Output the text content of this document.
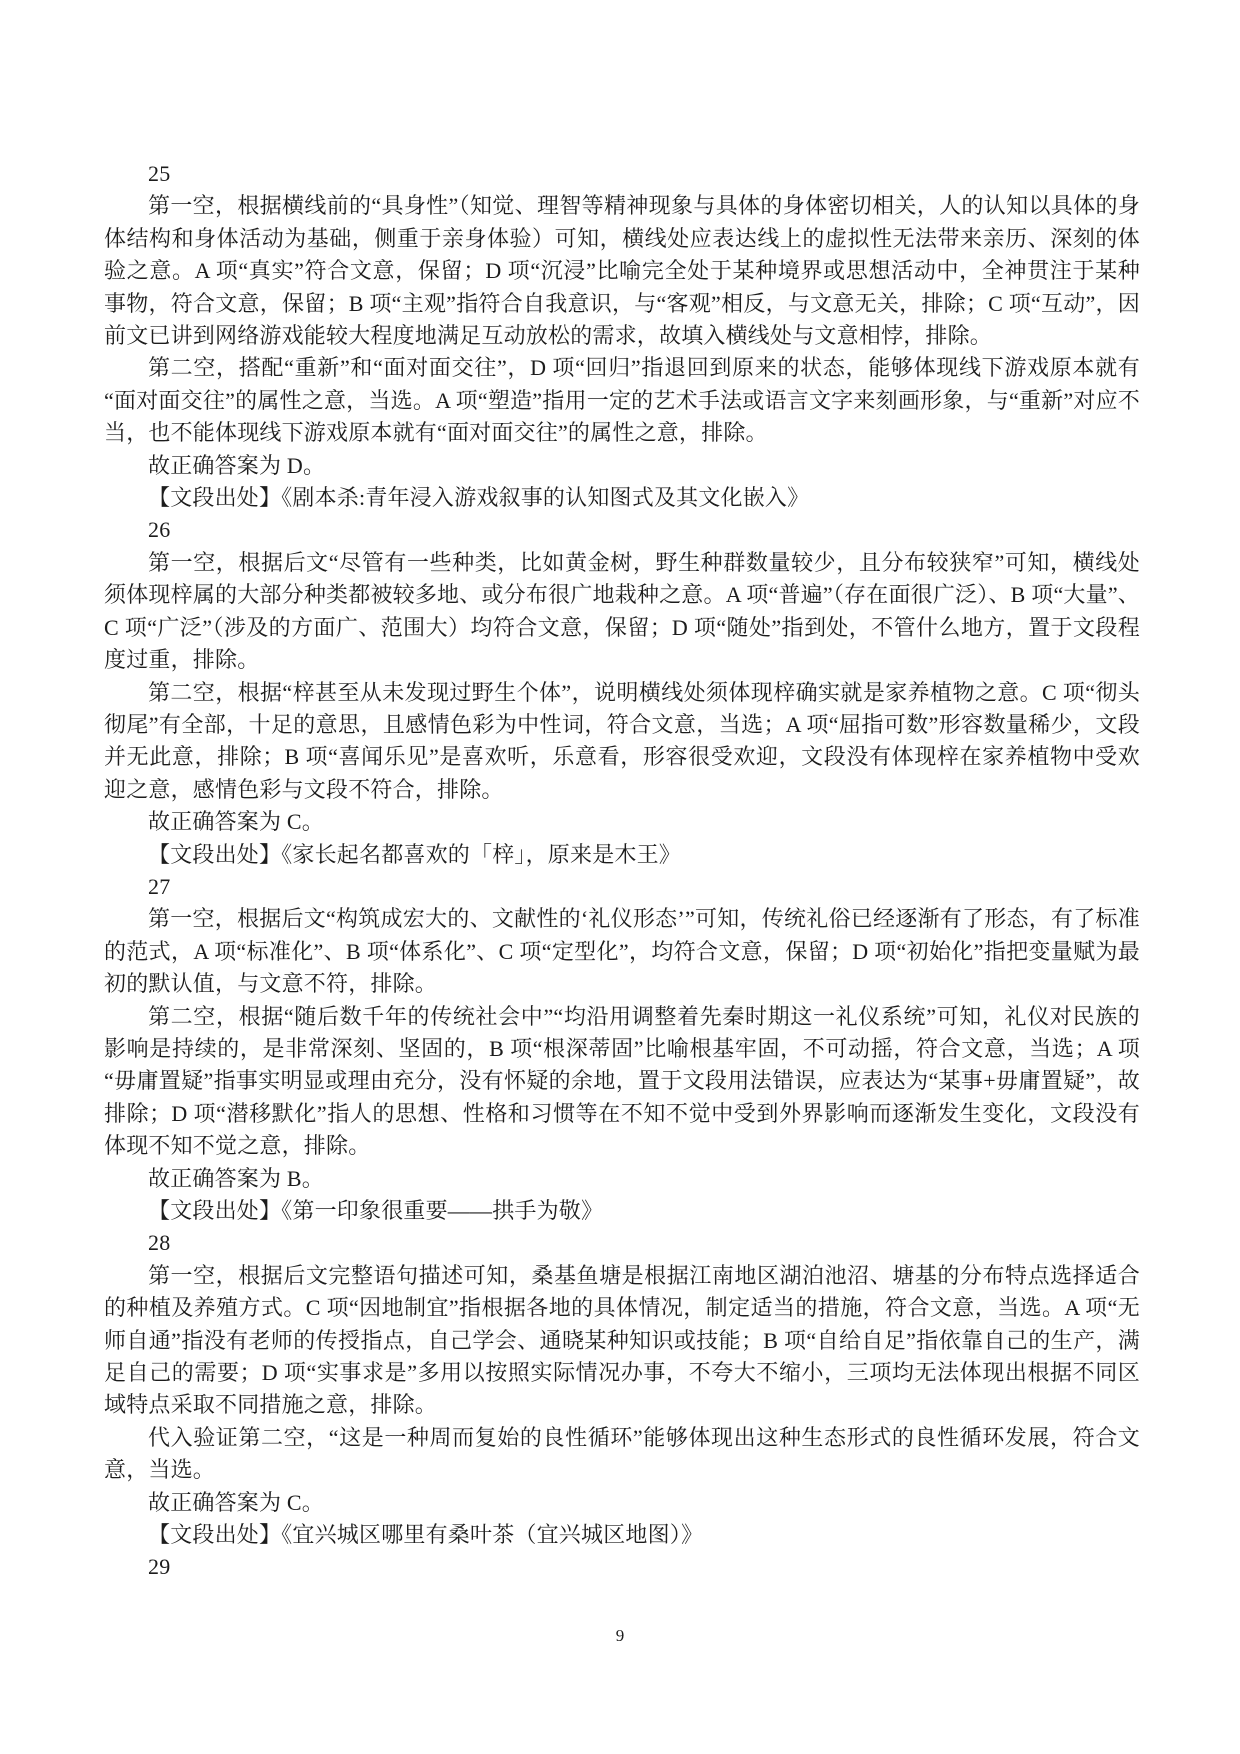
25

第一空，根据横线前的“具身性”（知觉、理智等精神现象与具体的身体密切相关，人的认知以具体的身体结构和身体活动为基础，侧重于亲身体验）可知，横线处应表达线上的虚拟性无法带来亲历、深刻的体验之意。A 项“真实”符合文意，保留；D 项“沉浸”比喻完全处于某种境界或思想活动中，全神贯注于某种事物，符合文意，保留；B 项“主观”指符合自我意识，与“客观”相反，与文意无关，排除；C 项“互动”，因前文已讲到网络游戏能较大程度地满足互动放松的需求，故填入横线处与文意相悖，排除。

第二空，搭配“重新”和“面对面交往”，D 项“回归”指退回到原来的状态，能够体现线下游戏原本就有“面对面交往”的属性之意，当选。A 项“塑造”指用一定的艺术手法或语言文字来刻画形象，与“重新”对应不当，也不能体现线下游戏原本就有“面对面交往”的属性之意，排除。

故正确答案为 D。

【文段出处】《剧本杀:青年浸入游戏叙事的认知图式及其文化嵌入》

26

第一空，根据后文“尽管有一些种类，比如黄金树，野生种群数量较少，且分布较狭窄”可知，横线处须体现梓属的大部分种类都被较多地、或分布很广地栽种之意。A 项“普遍”（存在面很广泛）、B 项“大量”、C 项“广泛”（涉及的方面广、范围大）均符合文意，保留；D 项“随处”指到处，不管什么地方，置于文段程度过重，排除。

第二空，根据“梓甚至从未发现过野生个体”，说明横线处须体现梓确实就是家养植物之意。C 项“彻头彻尾”有全部，十足的意思，且感情色彩为中性词，符合文意，当选；A 项“屈指可数”形容数量稀少，文段并无此意，排除；B 项“喜闻乐见”是喜欢听，乐意看，形容很受欢迎，文段没有体现梓在家养植物中受欢迎之意，感情色彩与文段不符合，排除。

故正确答案为 C。

【文段出处】《家长起名都喜欢的「梓」，原来是木王》

27

第一空，根据后文“构筑成宏大的、文献性的‘礼仪形态’”可知，传统礼俗已经逐渐有了形态，有了标准的范式，A 项“标准化”、B 项“体系化”、C 项“定型化”，均符合文意，保留；D 项“初始化”指把变量赋为最初的默认值，与文意不符，排除。

第二空，根据“随后数千年的传统社会中”“均沿用调整着先秦时期这一礼仪系统”可知，礼仪对民族的影响是持续的，是非常深刻、坚固的，B 项“根深蒂固”比喻根基牢固，不可动摇，符合文意，当选；A 项“毋庸置疑”指事实明显或理由充分，没有怀疑的余地，置于文段用法错误，应表达为“某事+毋庸置疑”，故排除；D 项“潜移默化”指人的思想、性格和习惯等在不知不觉中受到外界影响而逐渐发生变化，文段没有体现不知不觉之意，排除。

故正确答案为 B。

【文段出处】《第一印象很重要——拱手为敬》

28

第一空，根据后文完整语句描述可知，桑基鱼塘是根据江南地区湖泊池沼、塘基的分布特点选择适合的种植及养殖方式。C 项“因地制宜”指根据各地的具体情况，制定适当的措施，符合文意，当选。A 项“无师自通”指没有老师的传授指点，自己学会、通晓某种知识或技能；B 项“自给自足”指依靠自己的生产，满足自己的需要；D 项“实事求是”多用以按照实际情况办事，不夸大不缩小，三项均无法体现出根据不同区域特点采取不同措施之意，排除。

代入验证第二空，“这是一种周而复始的良性循环”能够体现出这种生态形式的良性循环发展，符合文意，当选。

故正确答案为 C。

【文段出处】《宜兴城区哪里有桑叶茶（宜兴城区地图）》

29

9
